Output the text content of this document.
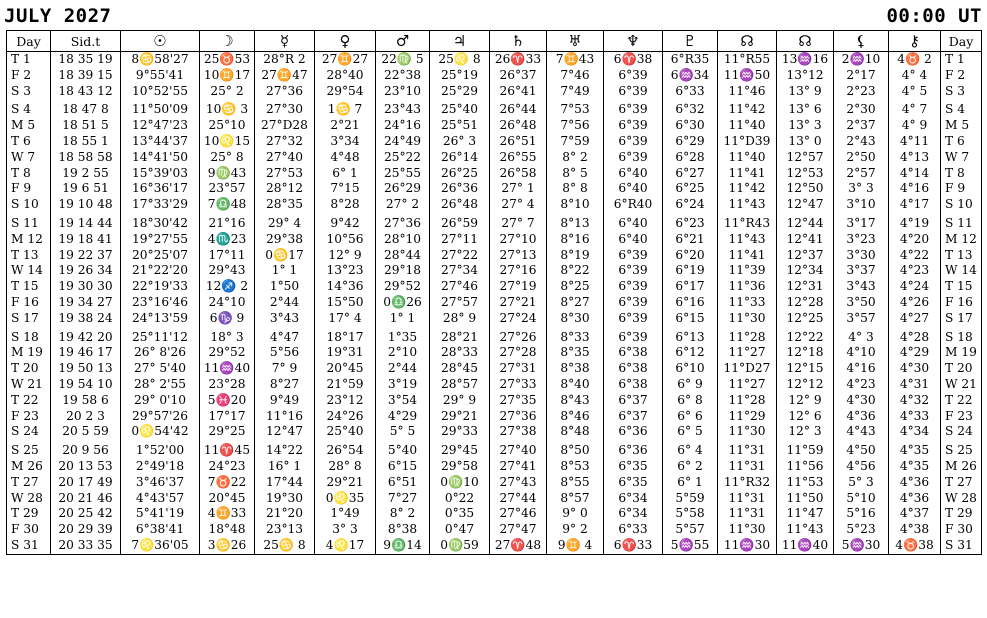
JULY 2027	00:00 UT
Day	Sid.t	☉	☽	☿	♀	♂	♃	♄	♅	♆	♇	☊	☊	⚸	⚷	Day
T 1	18 35 19	8♋58'27	25♉53	28°R 2	27♊27	22♍ 5	25♌ 8	26♈33	7♊43	6♈38	6°R35	11°R55	13♒16	2♒10	4♉ 2	T 1
F 2	18 39 15	9°55'41	10♊17	27♊47	28°40	22°38	25°19	26°37	7°46	6°39	6♒34	11♒50	13°12	2°17	4° 4	F 2
S 3	18 43 12	10°52'55	25° 2	27°36	29°54	23°10	25°29	26°41	7°49	6°39	6°33	11°46	13° 9	2°23	4° 5	S 3
S 4	18 47 8	11°50'09	10♋ 3	27°30	1♋ 7	23°43	25°40	26°44	7°53	6°39	6°32	11°42	13° 6	2°30	4° 7	S 4
M 5	18 51 5	12°47'23	25°10	27°D28	2°21	24°16	25°51	26°48	7°56	6°39	6°30	11°40	13° 3	2°37	4° 9	M 5
T 6	18 55 1	13°44'37	10♌15	27°32	3°34	24°49	26° 3	26°51	7°59	6°39	6°29	11°D39	13° 0	2°43	4°11	T 6
W 7	18 58 58	14°41'50	25° 8	27°40	4°48	25°22	26°14	26°55	8° 2	6°39	6°28	11°40	12°57	2°50	4°13	W 7
T 8	19 2 55	15°39'03	9♍43	27°53	6° 1	25°55	26°25	26°58	8° 5	6°40	6°27	11°41	12°53	2°57	4°14	T 8
F 9	19 6 51	16°36'17	23°57	28°12	7°15	26°29	26°36	27° 1	8° 8	6°40	6°25	11°42	12°50	3° 3	4°16	F 9
S 10	19 10 48	17°33'29	7♎48	28°35	8°28	27° 2	26°48	27° 4	8°10	6°R40	6°24	11°43	12°47	3°10	4°17	S 10
S 11	19 14 44	18°30'42	21°16	29° 4	9°42	27°36	26°59	27° 7	8°13	6°40	6°23	11°R43	12°44	3°17	4°19	S 11
M 12	19 18 41	19°27'55	4♏23	29°38	10°56	28°10	27°11	27°10	8°16	6°40	6°21	11°43	12°41	3°23	4°20	M 12
T 13	19 22 37	20°25'07	17°11	0♋17	12° 9	28°44	27°22	27°13	8°19	6°39	6°20	11°41	12°37	3°30	4°22	T 13
W 14	19 26 34	21°22'20	29°43	1° 1	13°23	29°18	27°34	27°16	8°22	6°39	6°19	11°39	12°34	3°37	4°23	W 14
T 15	19 30 30	22°19'33	12♐ 2	1°50	14°36	29°52	27°46	27°19	8°25	6°39	6°17	11°36	12°31	3°43	4°24	T 15
F 16	19 34 27	23°16'46	24°10	2°44	15°50	0♎26	27°57	27°21	8°27	6°39	6°16	11°33	12°28	3°50	4°26	F 16
S 17	19 38 24	24°13'59	6♑ 9	3°43	17° 4	1° 1	28° 9	27°24	8°30	6°39	6°15	11°30	12°25	3°57	4°27	S 17
S 18	19 42 20	25°11'12	18° 3	4°47	18°17	1°35	28°21	27°26	8°33	6°39	6°13	11°28	12°22	4° 3	4°28	S 18
M 19	19 46 17	26° 8'26	29°52	5°56	19°31	2°10	28°33	27°28	8°35	6°38	6°12	11°27	12°18	4°10	4°29	M 19
T 20	19 50 13	27° 5'40	11♒40	7° 9	20°45	2°44	28°45	27°31	8°38	6°38	6°10	11°D27	12°15	4°16	4°30	T 20
W 21	19 54 10	28° 2'55	23°28	8°27	21°59	3°19	28°57	27°33	8°40	6°38	6° 9	11°27	12°12	4°23	4°31	W 21
T 22	19 58 6	29° 0'10	5♓20	9°49	23°12	3°54	29° 9	27°35	8°43	6°37	6° 8	11°28	12° 9	4°30	4°32	T 22
F 23	20 2 3	29°57'26	17°17	11°16	24°26	4°29	29°21	27°36	8°46	6°37	6° 6	11°29	12° 6	4°36	4°33	F 23
S 24	20 5 59	0♌54'42	29°25	12°47	25°40	5° 5	29°33	27°38	8°48	6°36	6° 5	11°30	12° 3	4°43	4°34	S 24
S 25	20 9 56	1°52'00	11♈45	14°22	26°54	5°40	29°45	27°40	8°50	6°36	6° 4	11°31	11°59	4°50	4°35	S 25
M 26	20 13 53	2°49'18	24°23	16° 1	28° 8	6°15	29°58	27°41	8°53	6°35	6° 2	11°31	11°56	4°56	4°35	M 26
T 27	20 17 49	3°46'37	7♉22	17°44	29°21	6°51	0♍10	27°43	8°55	6°35	6° 1	11°R32	11°53	5° 3	4°36	T 27
W 28	20 21 46	4°43'57	20°45	19°30	0♌35	7°27	0°22	27°44	8°57	6°34	5°59	11°31	11°50	5°10	4°36	W 28
T 29	20 25 42	5°41'19	4♊33	21°20	1°49	8° 2	0°35	27°46	9° 0	6°34	5°58	11°31	11°47	5°16	4°37	T 29
F 30	20 29 39	6°38'41	18°48	23°13	3° 3	8°38	0°47	27°47	9° 2	6°33	5°57	11°30	11°43	5°23	4°38	F 30
S 31	20 33 35	7♌36'05	3♋26	25♋ 8	4♌17	9♎14	0♍59	27♈48	9♊ 4	6♈33	5♒55	11♒30	11♒40	5♒30	4♉38	S 31
